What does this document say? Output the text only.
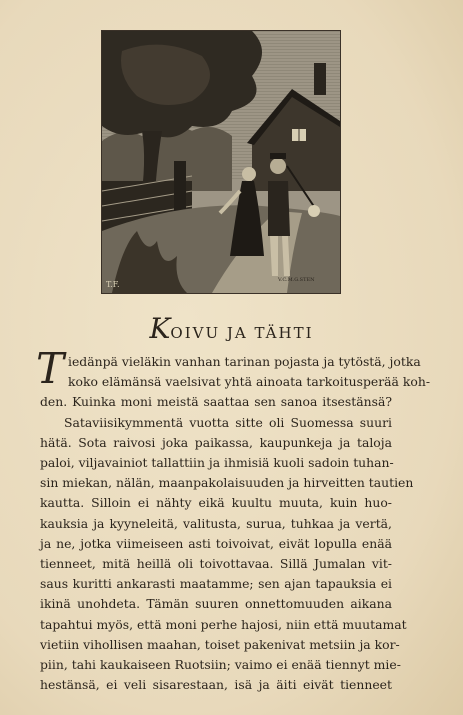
T.F.	V.C.M.G.STEN
KOIVU JA TÄHTI
T iedänpä vieläkin vanhan tarinan pojasta ja tytöstä, jotka
koko elämänsä vaelsivat yhtä ainoata tarkoitusperää koh-
den. Kuinka moni meistä saattaa sen sanoa itsestänsä?
Sataviisikymmentä vuotta sitte oli Suomessa suuri
hätä. Sota raivosi joka paikassa, kaupunkeja ja taloja
paloi, viljavainiot tallattiin ja ihmisiä kuoli sadoin tuhan-
sin miekan, nälän, maanpakolaisuuden ja hirveitten tautien
kautta. Silloin ei nähty eikä kuultu muuta, kuin huo-
kauksia ja kyyneleitä, valitusta, surua, tuhkaa ja vertä,
ja ne, jotka viimeiseen asti toivoivat, eivät lopulla enää
tienneet, mitä heillä oli toivottavaa. Sillä Jumalan vit-
saus kuritti ankarasti maatamme; sen ajan tapauksia ei
ikinä unohdeta. Tämän suuren onnettomuuden aikana
tapahtui myös, että moni perhe hajosi, niin että muutamat
vietiin vihollisen maahan, toiset pakenivat metsiin ja kor-
piin, tahi kaukaiseen Ruotsiin; vaimo ei enää tiennyt mie-
hestänsä, ei veli sisarestaan, isä ja äiti eivät tienneet
